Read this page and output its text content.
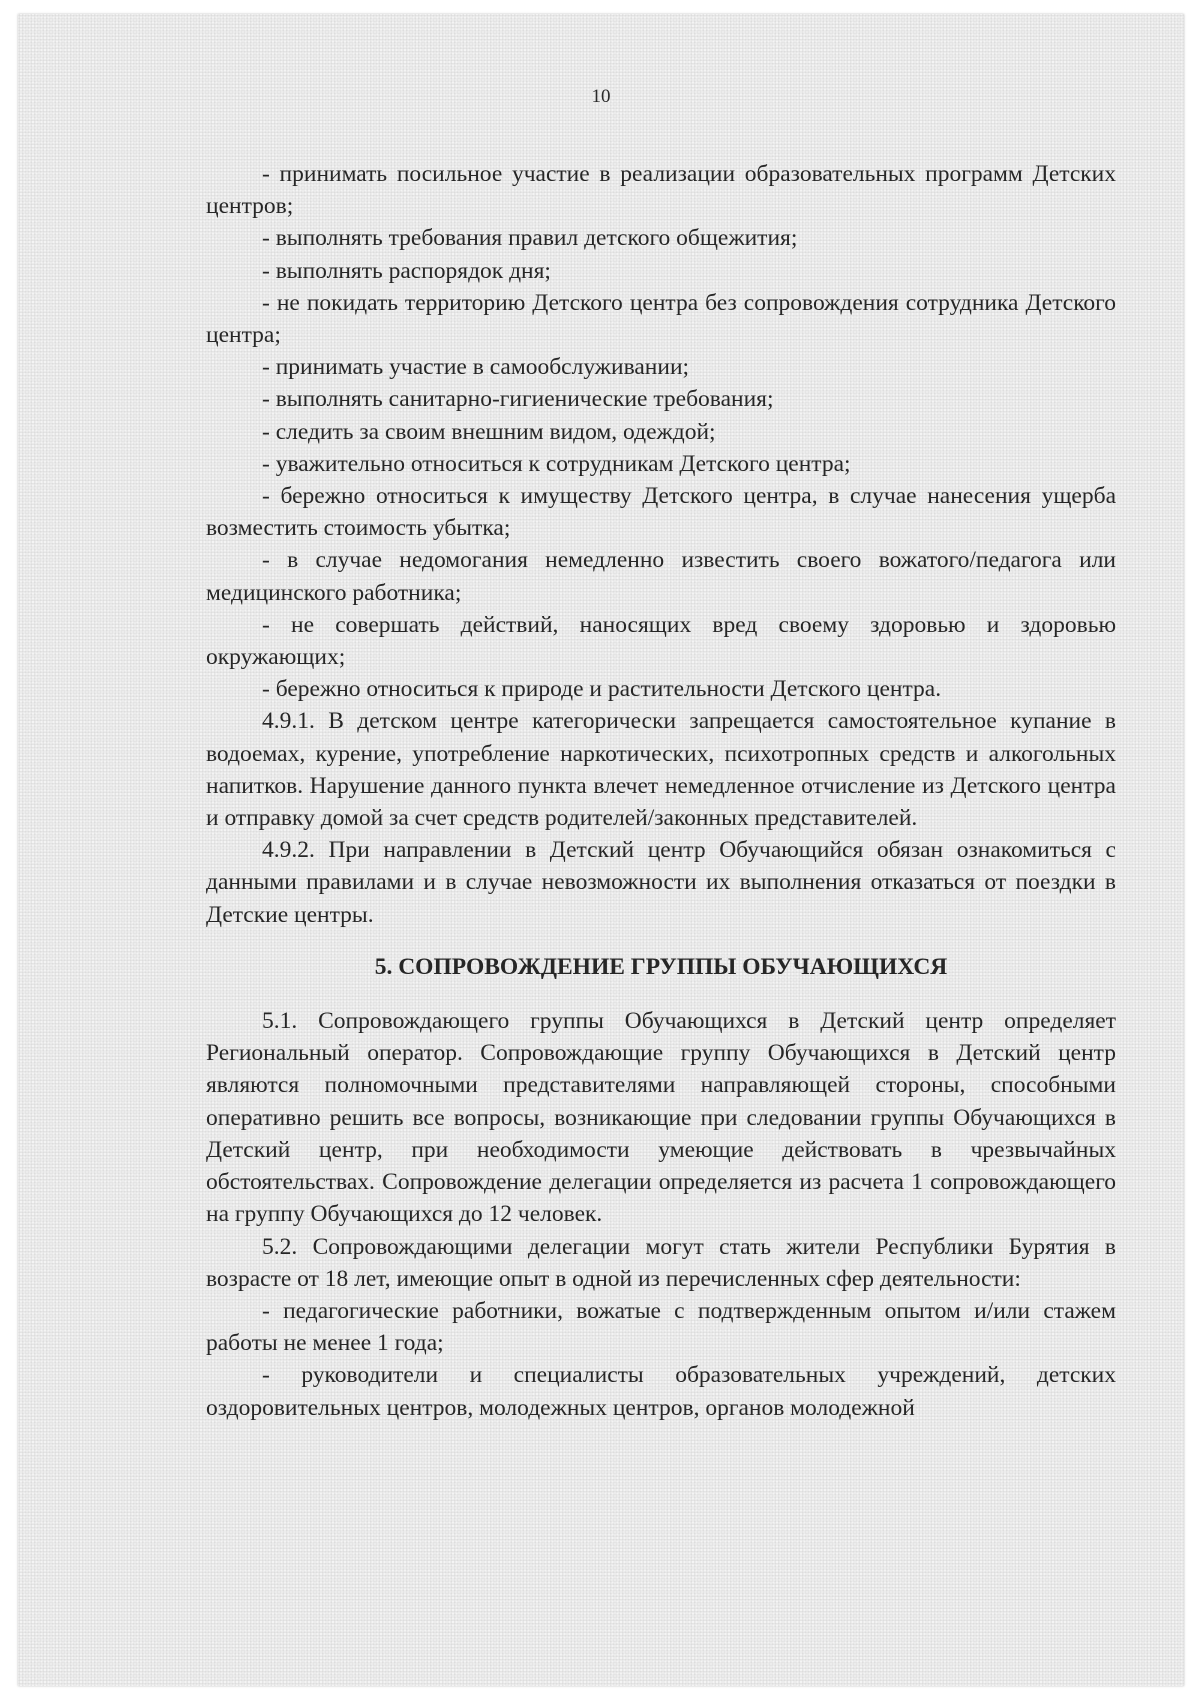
10

- принимать посильное участие в реализации образовательных программ Детских центров;

- выполнять требования правил детского общежития;

- выполнять распорядок дня;

- не покидать территорию Детского центра без сопровождения сотрудника Детского центра;

- принимать участие в самообслуживании;

- выполнять санитарно-гигиенические требования;

- следить за своим внешним видом, одеждой;

- уважительно относиться к сотрудникам Детского центра;

- бережно относиться к имуществу Детского центра, в случае нанесения ущерба возместить стоимость убытка;

- в случае недомогания немедленно известить своего вожатого/педагога или медицинского работника;

- не совершать действий, наносящих вред своему здоровью и здоровью окружающих;

- бережно относиться к природе и растительности Детского центра.

4.9.1. В детском центре категорически запрещается самостоятельное купание в водоемах, курение, употребление наркотических, психотропных средств и алкогольных напитков. Нарушение данного пункта влечет немедленное отчисление из Детского центра и отправку домой за счет средств родителей/законных представителей.

4.9.2. При направлении в Детский центр Обучающийся обязан ознакомиться с данными правилами и в случае невозможности их выполнения отказаться от поездки в Детские центры.

5. СОПРОВОЖДЕНИЕ ГРУППЫ ОБУЧАЮЩИХСЯ

5.1. Сопровождающего группы Обучающихся в Детский центр определяет Региональный оператор. Сопровождающие группу Обучающихся в Детский центр являются полномочными представителями направляющей стороны, способными оперативно решить все вопросы, возникающие при следовании группы Обучающихся в Детский центр, при необходимости умеющие действовать в чрезвычайных обстоятельствах. Сопровождение делегации определяется из расчета 1 сопровождающего на группу Обучающихся до 12 человек.

5.2. Сопровождающими делегации могут стать жители Республики Бурятия в возрасте от 18 лет, имеющие опыт в одной из перечисленных сфер деятельности:

- педагогические работники, вожатые с подтвержденным опытом и/или стажем работы не менее 1 года;

- руководители и специалисты образовательных учреждений, детских оздоровительных центров, молодежных центров, органов молодежной
